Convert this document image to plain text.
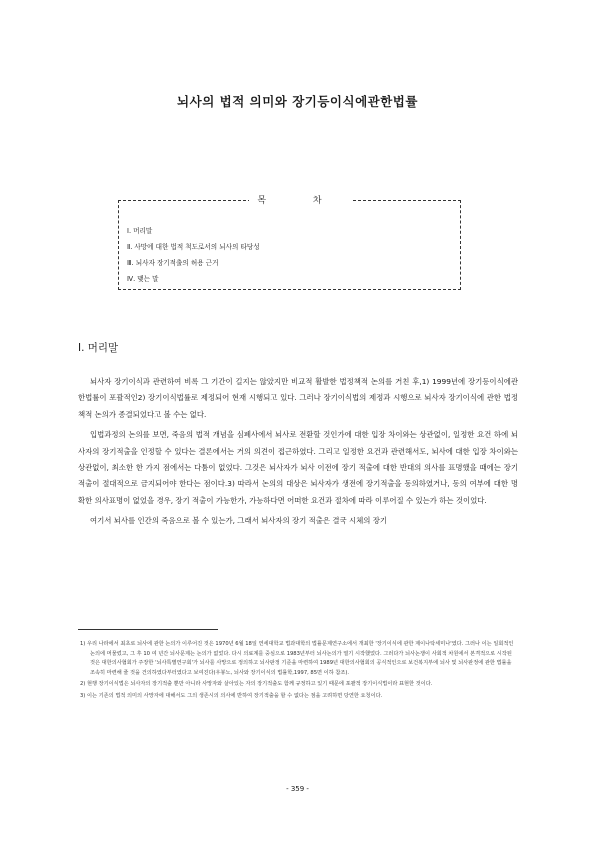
뇌사의 법적 의미와 장기등이식에관한법률
목 차
Ⅰ. 머리말
Ⅱ. 사망에 대한 법적 척도로서의 뇌사의 타당성
Ⅲ. 뇌사자 장기적출의 허용 근거
Ⅳ. 맺는 말
Ⅰ. 머리말

뇌사자 장기이식과 관련하여 비록 그 기간이 길지는 않았지만 비교적 활발한 법정책적 논의를 거친 후,1) 1999년에 장기등이식에관한법률이 포괄적인2) 장기이식법률로 제정되어 현재 시행되고 있다. 그러나 장기이식법의 제정과 시행으로 뇌사자 장기이식에 관한 법정책적 논의가 종결되었다고 볼 수는 없다.

입법과정의 논의를 보면, 죽음의 법적 개념을 심폐사에서 뇌사로 전환할 것인가에 대한 입장 차이와는 상관없이, 일정한 요건 하에 뇌사자의 장기적출을 인정할 수 있다는 결론에서는 거의 의견이 접근하였다. 그리고 일정한 요건과 관련해서도, 뇌사에 대한 입장 차이와는 상관없이, 최소한 한 가지 점에서는 다툼이 없었다. 그것은 뇌사자가 뇌사 이전에 장기 적출에 대한 반대의 의사를 표명했을 때에는 장기 적출이 절대적으로 금지되어야 한다는 점이다.3) 따라서 논의의 대상은 뇌사자가 생전에 장기적출을 동의하였거나, 동의 여부에 대한 명확한 의사표명이 없었을 경우, 장기 적출이 가능한가, 가능하다면 어떠한 요건과 절차에 따라 이루어질 수 있는가 하는 것이었다.

여기서 뇌사를 인간의 죽음으로 볼 수 있는가, 그래서 뇌사자의 장기 적출은 결국 시체의 장기

1) 우리 나라에서 최초로 뇌사에 관한 논의가 이루어진 것은 1970년 6월 18일 연세대학교 법과대학의 법률문제연구소에서 개최한 '장기이식에 관한 제이나탁세미나'였다. 그러나 이는 일회적인 논의에 머물렀고, 그 후 10 여 년간 뇌사문제는 논의가 없었다. 다시 의료계를 중심으로 1983년부터 뇌사논의가 열기 시작했었다. 그러다가 뇌사논쟁이 사회적 차원에서 본격적으로 시작된 것은 대한의사협회가 주장한 '뇌사특별연구회'가 뇌사를 사망으로 정의하고 뇌사판정 기준을 마련하여 1989년 대한의사협회의 공식적인으로 보건복지부에 뇌사 및 뇌사판정에 관한 법률을 조속히 마련해 줄 것을 건의하였다부터였다고 보여진다(우봉노, 뇌사와 장기이식의 법률학,1997, 85면 이하 참조).
2) 현행 장기이식법은 뇌사자의 장기적출 뿐만 아니라 사망자와 살아있는 자의 장기적출도 함께 규정하고 있기 때문에 포괄적 장기이식법이라 표현한 것이다.
3) 이는 기존의 법적 의미의 사망자에 대해서도 그의 생존시의 의사에 반하여 장기적출을 할 수 없다는 점을 고려하면 당연한 요청이다.
- 359 -
